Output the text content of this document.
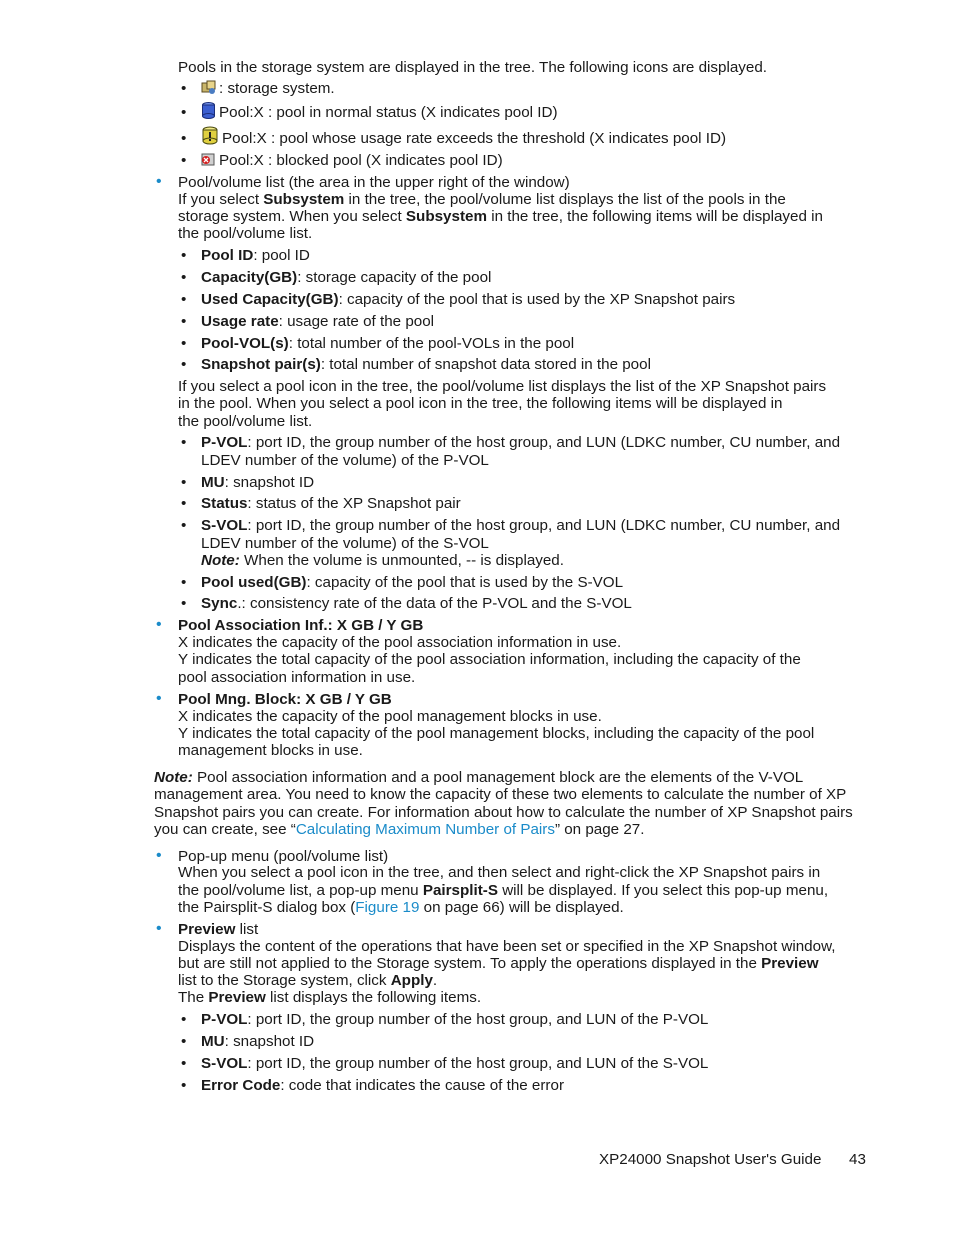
Pools in the storage system are displayed in the tree. The following icons are displayed.
•	: storage system.
•	Pool:X : pool in normal status (X indicates pool ID)
•	Pool:X : pool whose usage rate exceeds the threshold (X indicates pool ID)
•	Pool:X : blocked pool (X indicates pool ID)
• Pool/volume list (the area in the upper right of the window)
If you select Subsystem in the tree, the pool/volume list displays the list of the pools in the
storage system. When you select Subsystem in the tree, the following items will be displayed in
the pool/volume list.
• Pool ID: pool ID
• Capacity(GB): storage capacity of the pool
• Used Capacity(GB): capacity of the pool that is used by the XP Snapshot pairs
• Usage rate: usage rate of the pool
• Pool-VOL(s): total number of the pool-VOLs in the pool
• Snapshot pair(s): total number of snapshot data stored in the pool
If you select a pool icon in the tree, the pool/volume list displays the list of the XP Snapshot pairs
in the pool. When you select a pool icon in the tree, the following items will be displayed in
the pool/volume list.
• P-VOL: port ID, the group number of the host group, and LUN (LDKC number, CU number, and
LDEV number of the volume) of the P-VOL
• MU: snapshot ID
• Status: status of the XP Snapshot pair
• S-VOL: port ID, the group number of the host group, and LUN (LDKC number, CU number, and
LDEV number of the volume) of the S-VOL
Note: When the volume is unmounted, -- is displayed.
• Pool used(GB): capacity of the pool that is used by the S-VOL
• Sync.: consistency rate of the data of the P-VOL and the S-VOL
• Pool Association Inf.: X GB / Y GB
X indicates the capacity of the pool association information in use.
Y indicates the total capacity of the pool association information, including the capacity of the
pool association information in use.
• Pool Mng. Block: X GB / Y GB
X indicates the capacity of the pool management blocks in use.
Y indicates the total capacity of the pool management blocks, including the capacity of the pool
management blocks in use.
Note: Pool association information and a pool management block are the elements of the V-VOL
management area. You need to know the capacity of these two elements to calculate the number of XP
Snapshot pairs you can create. For information about how to calculate the number of XP Snapshot pairs
you can create, see “Calculating Maximum Number of Pairs” on page 27.
• Pop-up menu (pool/volume list)
When you select a pool icon in the tree, and then select and right-click the XP Snapshot pairs in
the pool/volume list, a pop-up menu Pairsplit-S will be displayed. If you select this pop-up menu,
the Pairsplit-S dialog box (Figure 19 on page 66) will be displayed.
• Preview list
Displays the content of the operations that have been set or specified in the XP Snapshot window,
but are still not applied to the Storage system. To apply the operations displayed in the Preview
list to the Storage system, click Apply.
The Preview list displays the following items.
• P-VOL: port ID, the group number of the host group, and LUN of the P-VOL
• MU: snapshot ID
• S-VOL: port ID, the group number of the host group, and LUN of the S-VOL
• Error Code: code that indicates the cause of the error
XP24000 Snapshot User's Guide 43
